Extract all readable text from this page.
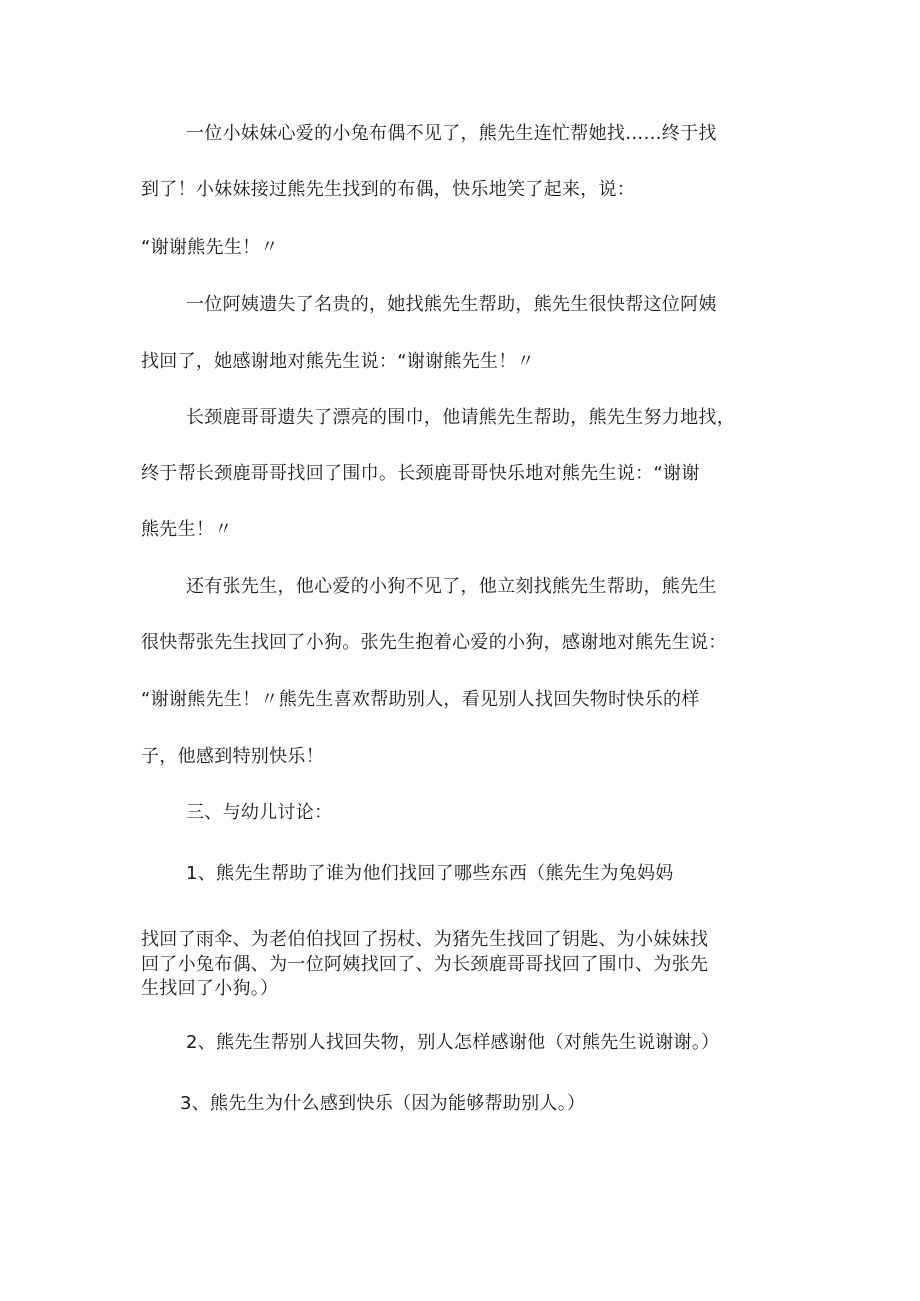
一位小妹妹心爱的小兔布偶不见了，熊先生连忙帮她找……终于找

到了！小妹妹接过熊先生找到的布偶，快乐地笑了起来，说：

“谢谢熊先生！〃

一位阿姨遗失了名贵的，她找熊先生帮助，熊先生很快帮这位阿姨

找回了，她感谢地对熊先生说：“谢谢熊先生！〃

长颈鹿哥哥遗失了漂亮的围巾，他请熊先生帮助，熊先生努力地找，

终于帮长颈鹿哥哥找回了围巾。长颈鹿哥哥快乐地对熊先生说：“谢谢

熊先生！〃

还有张先生，他心爱的小狗不见了，他立刻找熊先生帮助，熊先生

很快帮张先生找回了小狗。张先生抱着心爱的小狗，感谢地对熊先生说：

“谢谢熊先生！〃熊先生喜欢帮助别人，看见别人找回失物时快乐的样

子，他感到特别快乐！

三、与幼儿讨论：

1、熊先生帮助了谁为他们找回了哪些东西（熊先生为兔妈妈

找回了雨伞、为老伯伯找回了拐杖、为猪先生找回了钥匙、为小妹妹找

回了小兔布偶、为一位阿姨找回了、为长颈鹿哥哥找回了围巾、为张先

生找回了小狗。）

2、熊先生帮别人找回失物，别人怎样感谢他（对熊先生说谢谢。）

3、熊先生为什么感到快乐（因为能够帮助别人。）
